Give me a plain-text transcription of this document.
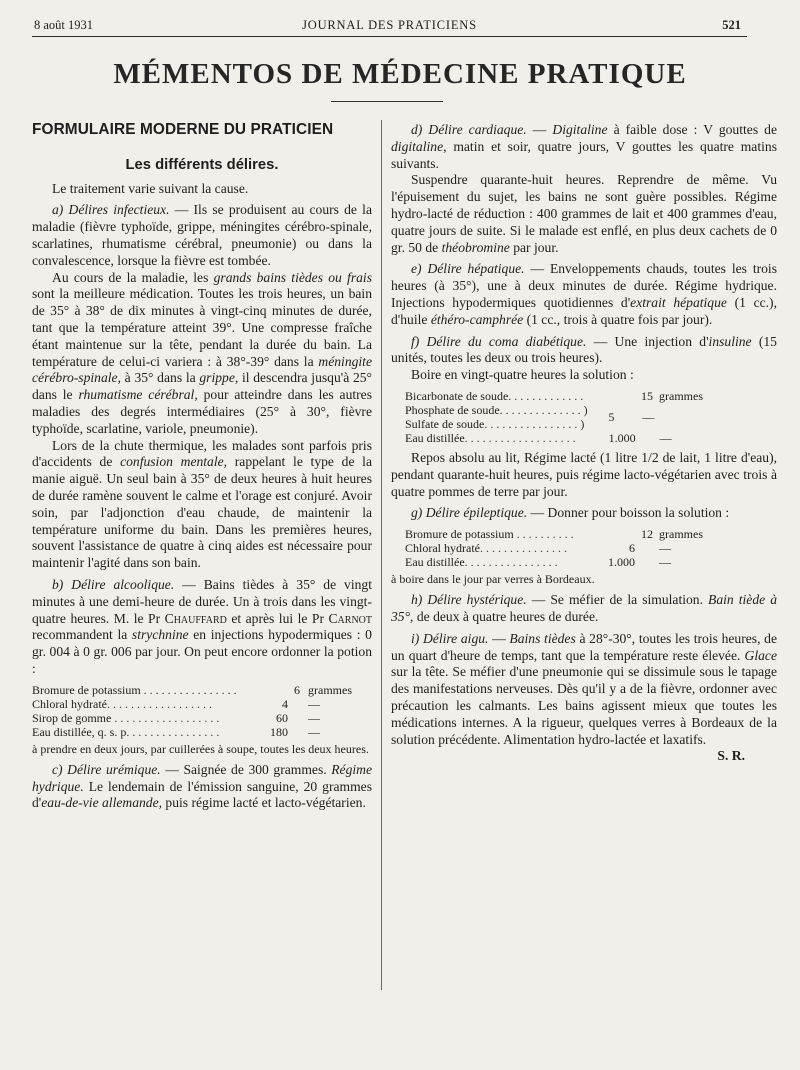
8 août 1931	JOURNAL DES PRATICIENS	521
MÉMENTOS DE MÉDECINE PRATIQUE
FORMULAIRE MODERNE DU PRATICIEN
Les différents délires.

Le traitement varie suivant la cause.

a) Délires infectieux. — Ils se produisent au cours de la maladie (fièvre typhoïde, grippe, méningites cérébro-spinale, scarlatines, rhumatisme cérébral, pneumonie) ou dans la convalescence, lorsque la fièvre est tombée.

Au cours de la maladie, les grands bains tièdes ou frais sont la meilleure médication. Toutes les trois heures, un bain de 35° à 38° de dix minutes à vingt-cinq minutes de durée, tant que la température atteint 39°. Une compresse fraîche étant maintenue sur la tête, pendant la durée du bain. La température de celui-ci variera : à 38°-39° dans la méningite cérébro-spinale, à 35° dans la grippe, il descendra jusqu'à 25° dans le rhumatisme cérébral, pour atteindre dans les autres maladies des degrés intermédiaires (25° à 30°, fièvre typhoïde, scarlatine, variole, pneumonie).

Lors de la chute thermique, les malades sont parfois pris d'accidents de confusion mentale, rappelant le type de la manie aiguë. Un seul bain à 35° de deux heures à huit heures de durée ramène souvent le calme et l'orage est conjuré. Avoir soin, par l'adjonction d'eau chaude, de maintenir la température uniforme du bain. Dans les premières heures, souvent l'assistance de quatre à cinq aides est nécessaire pour maintenir l'agité dans son bain.

b) Délire alcoolique. — Bains tièdes à 35° de vingt minutes à une demi-heure de durée. Un à trois dans les vingt-quatre heures. M. le Pr Chauffard et après lui le Pr Carnot recommandent la strychnine en injections hypodermiques : 0 gr. 004 à 0 gr. 006 par jour. On peut encore ordonner la potion :

Bromure de potassium . . . . . . . . . . . . . . . .	6 grammes
Chloral hydraté . . . . . . . . . . . . . . . . . .	4	—
Sirop de gomme . . . . . . . . . . . . . . . . . .	60	—
Eau distillée, q. s. p . . . . . . . . . . . . . . . .	180	—

à prendre en deux jours, par cuillerées à soupe, toutes les deux heures.

c) Délire urémique. — Saignée de 300 grammes. Régime hydrique. Le lendemain de l'émission sanguine, 20 grammes d'eau-de-vie allemande, puis régime lacté et lacto-végétarien.

d) Délire cardiaque. — Digitaline à faible dose : V gouttes de digitaline, matin et soir, quatre jours, V gouttes les quatre matins suivants.

Suspendre quarante-huit heures. Reprendre de même. Vu l'épuisement du sujet, les bains ne sont guère possibles. Régime hydro-lacté de réduction : 400 grammes de lait et 400 grammes d'eau, quatre jours de suite. Si le malade est enflé, en plus deux cachets de 0 gr. 50 de théobromine par jour.

e) Délire hépatique. — Enveloppements chauds, toutes les trois heures (à 35°), une à deux minutes de durée. Régime hydrique. Injections hypodermiques quotidiennes d'extrait hépatique (1 cc.), d'huile éthéro-camphrée (1 cc., trois à quatre fois par jour).

f) Délire du coma diabétique. — Une injection d'insuline (15 unités, toutes les deux ou trois heures).

Boire en vingt-quatre heures la solution :

Bicarbonate de soude . . . . . . . . . . . . .	15 grammes
Phosphate de soude . . . . . . . . . . . . . . )
Sulfate de soude . . . . . . . . . . . . . . . . )	5	—
Eau distillée . . . . . . . . . . . . . . . . . . .	1.000	—

Repos absolu au lit, Régime lacté (1 litre 1/2 de lait, 1 litre d'eau), pendant quarante-huit heures, puis régime lacto-végétarien avec trois à quatre pommes de terre par jour.

g) Délire épileptique. — Donner pour boisson la solution :

Bromure de potassium . . . . . . . . . .	12 grammes
Chloral hydraté . . . . . . . . . . . . . . .	6	—
Eau distillée . . . . . . . . . . . . . . . .	1.000	—

à boire dans le jour par verres à Bordeaux.

h) Délire hystérique. — Se méfier de la simulation. Bain tiède à 35°, de deux à quatre heures de durée.

i) Délire aigu. — Bains tièdes à 28°-30°, toutes les trois heures, de un quart d'heure de temps, tant que la température reste élevée. Glace sur la tête. Se méfier d'une pneumonie qui se dissimule sous le tapage des manifestations nerveuses. Dès qu'il y a de la fièvre, ordonner avec précaution les calmants. Les bains agissent mieux que toutes les médications internes. A la rigueur, quelques verres à Bordeaux de la solution précédente. Alimentation hydro-lactée et laxatifs.
S. R.
